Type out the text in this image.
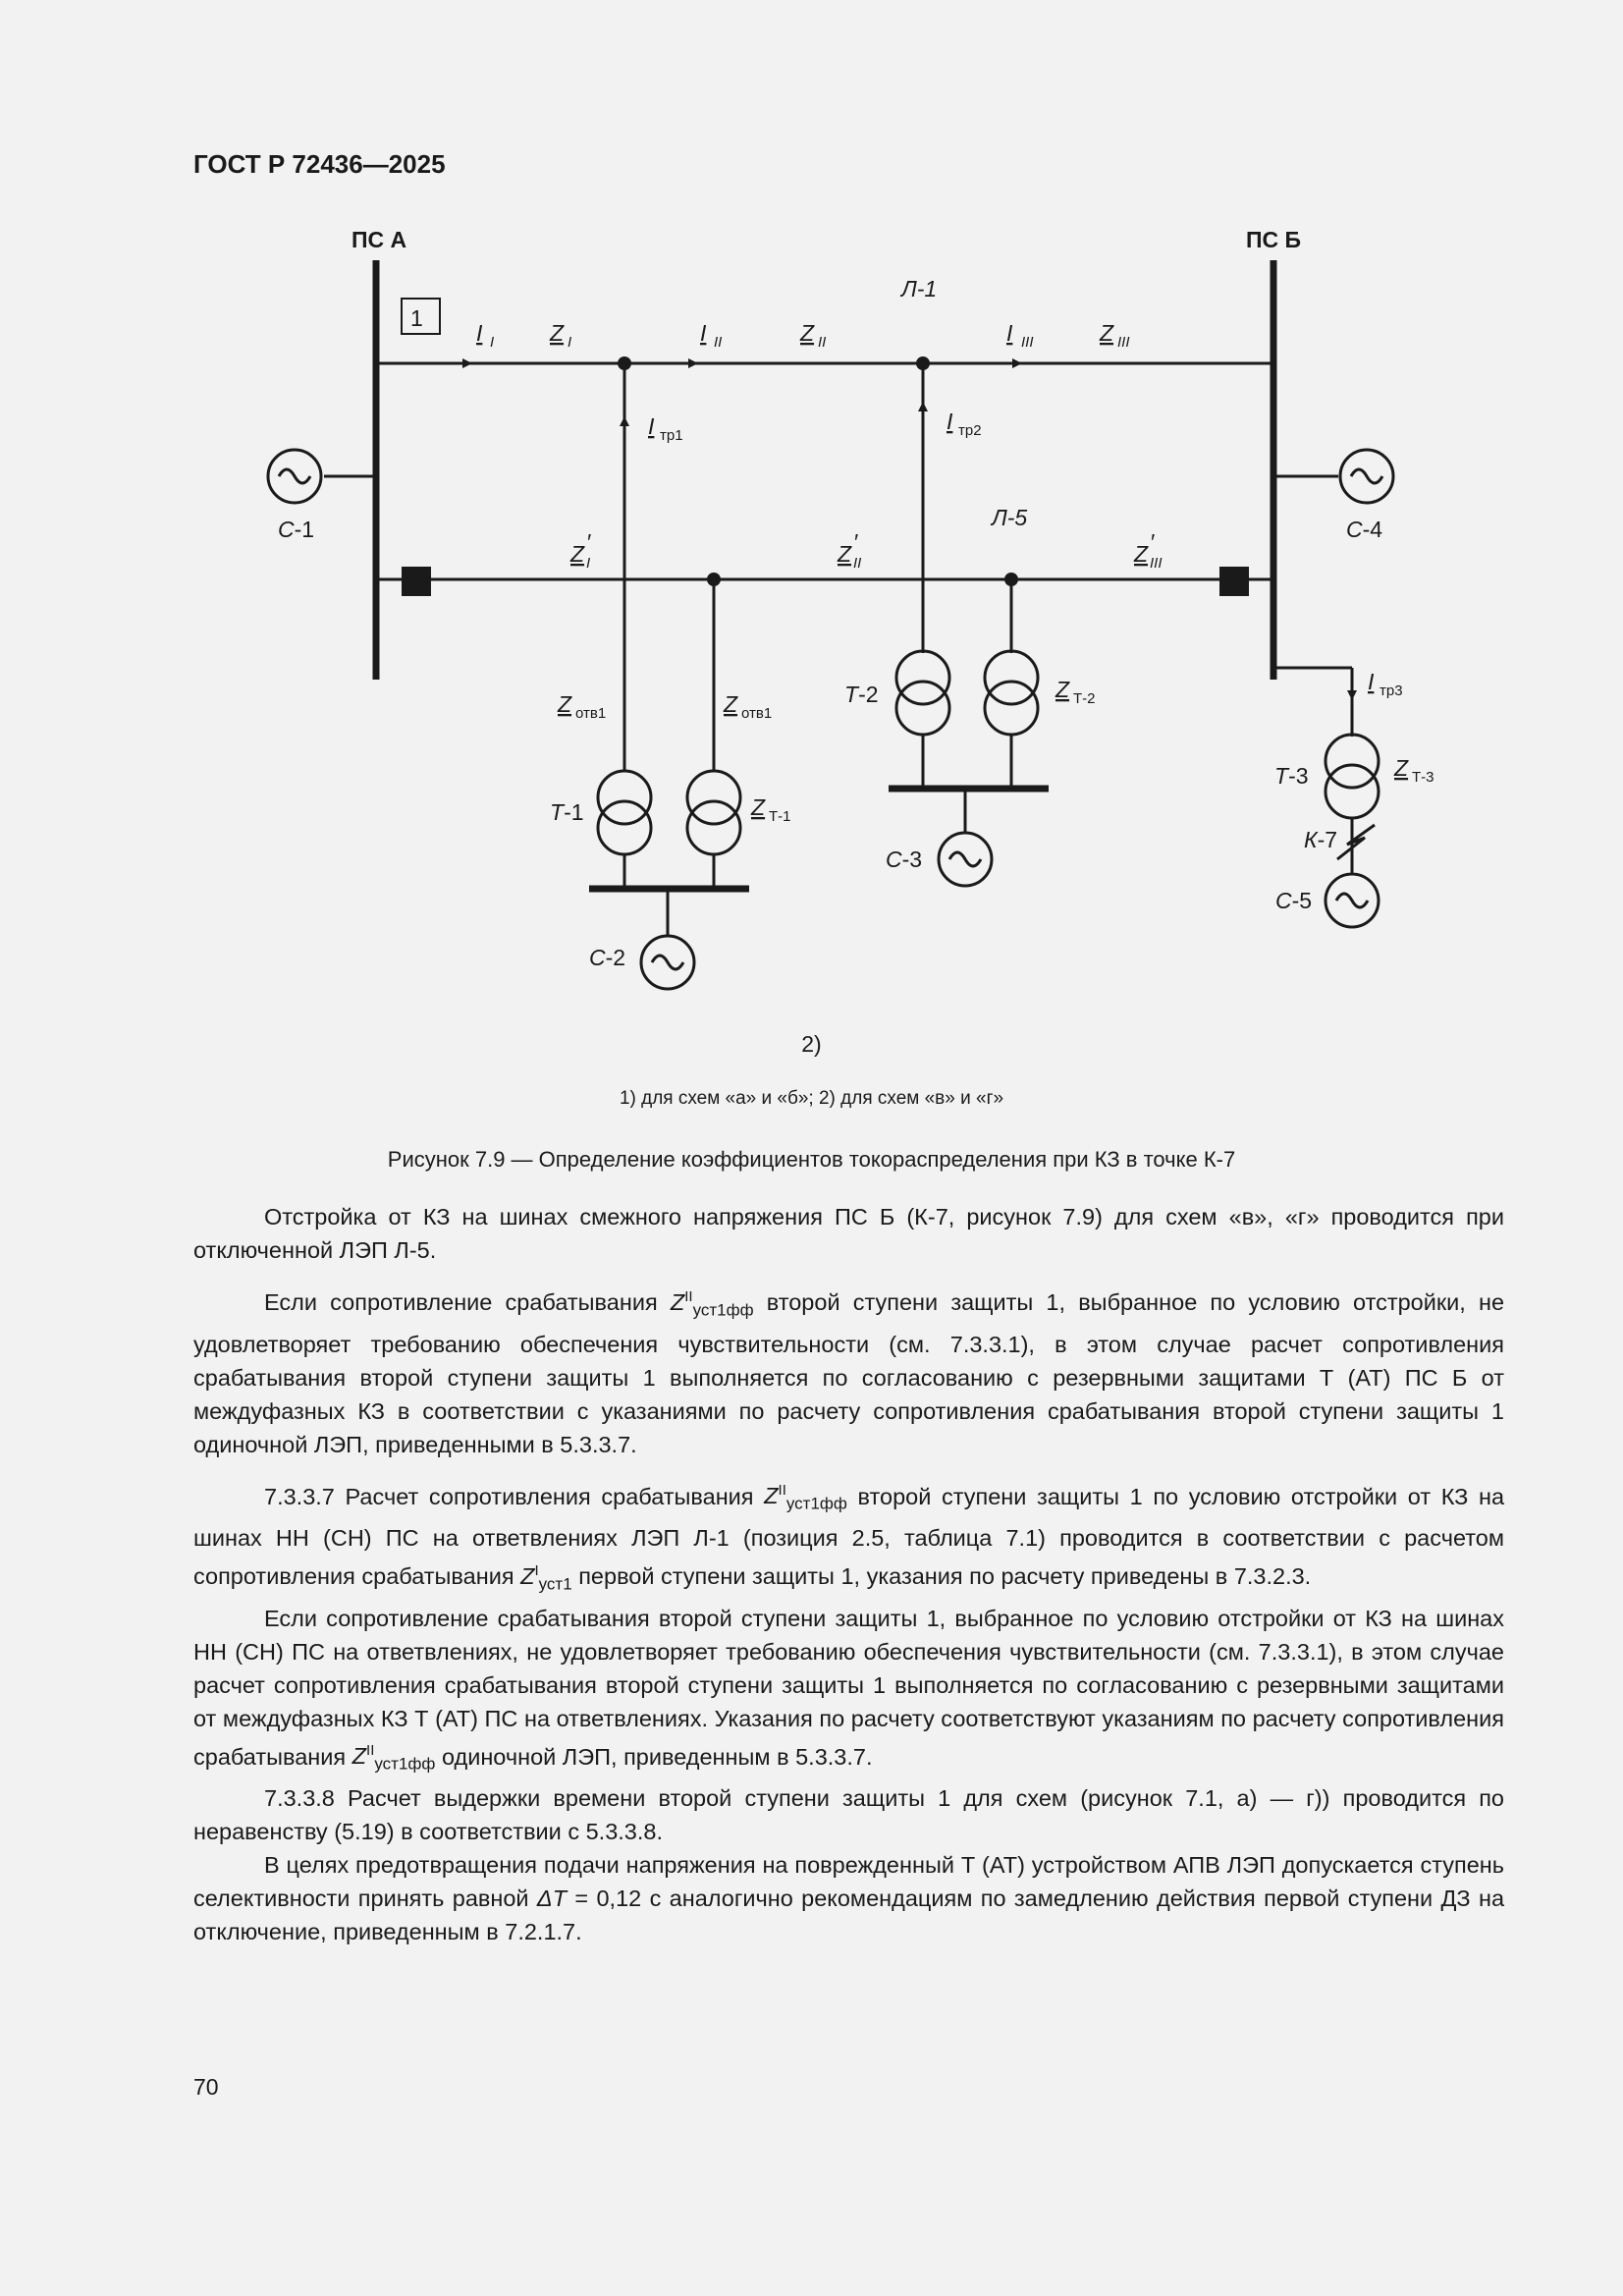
ГОСТ Р 72436—2025
1
ПС А	ПС Б
Л-1
Л-5
I I	I II	I III
Z I	Z II	Z III
Z ′
I	Z ′
II	Z ′
III
I тр1
I тр2
I тр3
Z отв1	Z отв1
Z Т-1
Z Т-2
Z Т-3
С-1
С-2
С-3
С-4
С-5
Т-1
Т-2
Т-3
К-7
2)
1) для схем «а» и «б»; 2) для схем «в» и «г»
Рисунок 7.9 — Определение коэффициентов токораспределения при КЗ в точке К-7

Отстройка от КЗ на шинах смежного напряжения ПС Б (К-7, рисунок 7.9) для схем «в», «г» проводится при отключенной ЛЭП Л-5.

Если сопротивление срабатывания $Z^{II}_{уст1фф}$ второй ступени защиты 1, выбранное по условию отстройки, не удовлетворяет требованию обеспечения чувствительности (см. 7.3.3.1), в этом случае расчет сопротивления срабатывания второй ступени защиты 1 выполняется по согласованию с резервными защитами Т (АТ) ПС Б от междуфазных КЗ в соответствии с указаниями по расчету сопротивления срабатывания второй ступени защиты 1 одиночной ЛЭП, приведенными в 5.3.3.7.

7.3.3.7 Расчет сопротивления срабатывания $Z^{II}_{уст1фф}$ второй ступени защиты 1 по условию отстройки от КЗ на шинах НН (СН) ПС на ответвлениях ЛЭП Л-1 (позиция 2.5, таблица 7.1) проводится в соответствии с расчетом сопротивления срабатывания $Z^I_{уст1}$ первой ступени защиты 1, указания по расчету приведены в 7.3.2.3.

Если сопротивление срабатывания второй ступени защиты 1, выбранное по условию отстройки от КЗ на шинах НН (СН) ПС на ответвлениях, не удовлетворяет требованию обеспечения чувствительности (см. 7.3.3.1), в этом случае расчет сопротивления срабатывания второй ступени защиты 1 выполняется по согласованию с резервными защитами от междуфазных КЗ Т (АТ) ПС на ответвлениях. Указания по расчету соответствуют указаниям по расчету сопротивления срабатывания $Z^{II}_{уст1фф}$ одиночной ЛЭП, приведенным в 5.3.3.7.

7.3.3.8 Расчет выдержки времени второй ступени защиты 1 для схем (рисунок 7.1, а) — г)) проводится по неравенству (5.19) в соответствии с 5.3.3.8.

В целях предотвращения подачи напряжения на поврежденный Т (АТ) устройством АПВ ЛЭП допускается ступень селективности принять равной ΔT = 0,12 с аналогично рекомендациям по замедлению действия первой ступени ДЗ на отключение, приведенным в 7.2.1.7.

70
